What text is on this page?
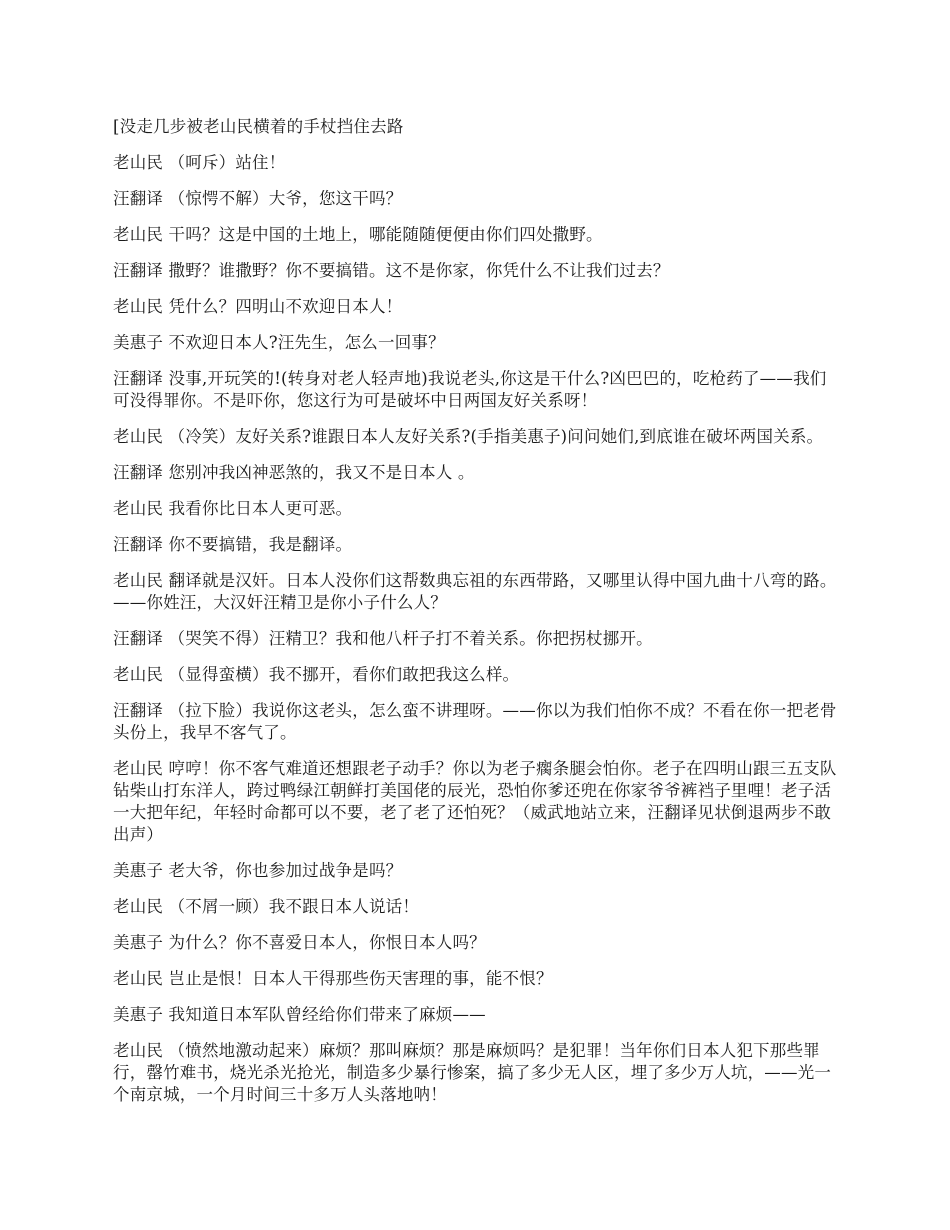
[没走几步被老山民横着的手杖挡住去路

老山民 （呵斥）站住！

汪翻译 （惊愕不解）大爷，您这干吗？

老山民 干吗？这是中国的土地上，哪能随随便便由你们四处撒野。

汪翻译 撒野？谁撒野？你不要搞错。这不是你家，你凭什么不让我们过去？

老山民 凭什么？四明山不欢迎日本人！

美惠子 不欢迎日本人?汪先生，怎么一回事？

汪翻译 没事,开玩笑的!(转身对老人轻声地)我说老头,你这是干什么?凶巴巴的，吃枪药了——我们可没得罪你。不是吓你，您这行为可是破坏中日两国友好关系呀！

老山民 （冷笑）友好关系?谁跟日本人友好关系?(手指美惠子)问问她们,到底谁在破坏两国关系。

汪翻译 您别冲我凶神恶煞的，我又不是日本人 。

老山民 我看你比日本人更可恶。

汪翻译 你不要搞错，我是翻译。

老山民 翻译就是汉奸。日本人没你们这帮数典忘祖的东西带路，又哪里认得中国九曲十八弯的路。——你姓汪，大汉奸汪精卫是你小子什么人？

汪翻译 （哭笑不得）汪精卫？我和他八杆子打不着关系。你把拐杖挪开。

老山民 （显得蛮横）我不挪开，看你们敢把我这么样。

汪翻译 （拉下脸）我说你这老头，怎么蛮不讲理呀。——你以为我们怕你不成？不看在你一把老骨头份上，我早不客气了。

老山民 哼哼！你不客气难道还想跟老子动手？你以为老子瘸条腿会怕你。老子在四明山跟三五支队钻柴山打东洋人，跨过鸭绿江朝鲜打美国佬的辰光，恐怕你爹还兜在你家爷爷裤裆子里哩！老子活一大把年纪，年轻时命都可以不要，老了老了还怕死？（威武地站立来，汪翻译见状倒退两步不敢出声）

美惠子 老大爷，你也参加过战争是吗？

老山民 （不屑一顾）我不跟日本人说话！

美惠子 为什么？你不喜爱日本人，你恨日本人吗？

老山民 岂止是恨！日本人干得那些伤天害理的事，能不恨？

美惠子 我知道日本军队曾经给你们带来了麻烦——

老山民 （愤然地激动起来）麻烦？那叫麻烦？那是麻烦吗？是犯罪！当年你们日本人犯下那些罪行，罄竹难书，烧光杀光抢光，制造多少暴行惨案，搞了多少无人区，埋了多少万人坑，——光一个南京城，一个月时间三十多万人头落地呐！
